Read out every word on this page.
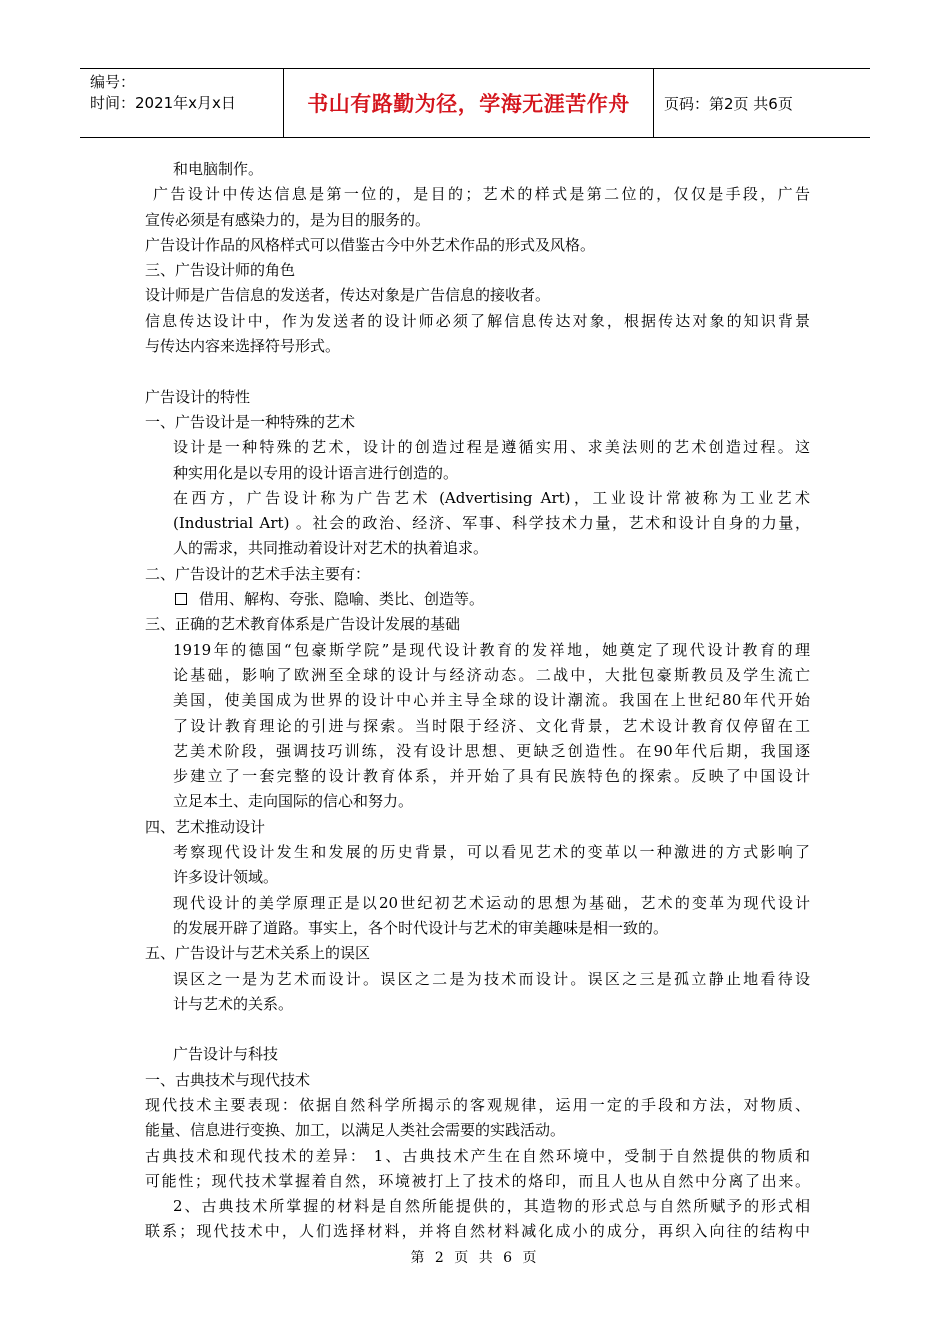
编号：
时间：2021年x月x日	书山有路勤为径，学海无涯苦作舟	页码：第2页 共6页

和电脑制作。

广告设计中传达信息是第一位的，是目的；艺术的样式是第二位的，仅仅是手段，广告

宣传必须是有感染力的，是为目的服务的。

广告设计作品的风格样式可以借鉴古今中外艺术作品的形式及风格。

三、广告设计师的角色

设计师是广告信息的发送者，传达对象是广告信息的接收者。

信息传达设计中，作为发送者的设计师必须了解信息传达对象，根据传达对象的知识背景

与传达内容来选择符号形式。

广告设计的特性

一、广告设计是一种特殊的艺术

设计是一种特殊的艺术，设计的创造过程是遵循实用、求美法则的艺术创造过程。这

种实用化是以专用的设计语言进行创造的。

在西方，广告设计称为广告艺术 (Advertising Art)，工业设计常被称为工业艺术

(Industrial Art) 。社会的政治、经济、军事、科学技术力量，艺术和设计自身的力量，

人的需求，共同推动着设计对艺术的执着追求。

二、广告设计的艺术手法主要有：

借用、解构、夸张、隐喻、类比、创造等。

三、正确的艺术教育体系是广告设计发展的基础

1919年的德国“包豪斯学院”是现代设计教育的发祥地，她奠定了现代设计教育的理

论基础，影响了欧洲至全球的设计与经济动态。二战中，大批包豪斯教员及学生流亡

美国，使美国成为世界的设计中心并主导全球的设计潮流。我国在上世纪80年代开始

了设计教育理论的引进与探索。当时限于经济、文化背景，艺术设计教育仅停留在工

艺美术阶段，强调技巧训练，没有设计思想、更缺乏创造性。在90年代后期，我国逐

步建立了一套完整的设计教育体系，并开始了具有民族特色的探索。反映了中国设计

立足本土、走向国际的信心和努力。

四、艺术推动设计

考察现代设计发生和发展的历史背景，可以看见艺术的变革以一种激进的方式影响了

许多设计领域。

现代设计的美学原理正是以20世纪初艺术运动的思想为基础，艺术的变革为现代设计

的发展开辟了道路。事实上，各个时代设计与艺术的审美趣味是相一致的。

五、广告设计与艺术关系上的误区

误区之一是为艺术而设计。误区之二是为技术而设计。误区之三是孤立静止地看待设

计与艺术的关系。

广告设计与科技

一、古典技术与现代技术

现代技术主要表现：依据自然科学所揭示的客观规律，运用一定的手段和方法，对物质、

能量、信息进行变换、加工，以满足人类社会需要的实践活动。

古典技术和现代技术的差异： 1、古典技术产生在自然环境中，受制于自然提供的物质和

可能性；现代技术掌握着自然，环境被打上了技术的烙印，而且人也从自然中分离了出来。

2、古典技术所掌握的材料是自然所能提供的，其造物的形式总与自然所赋予的形式相

联系；现代技术中，人们选择材料，并将自然材料减化成小的成分，再织入向往的结构中

第 2 页 共 6 页
